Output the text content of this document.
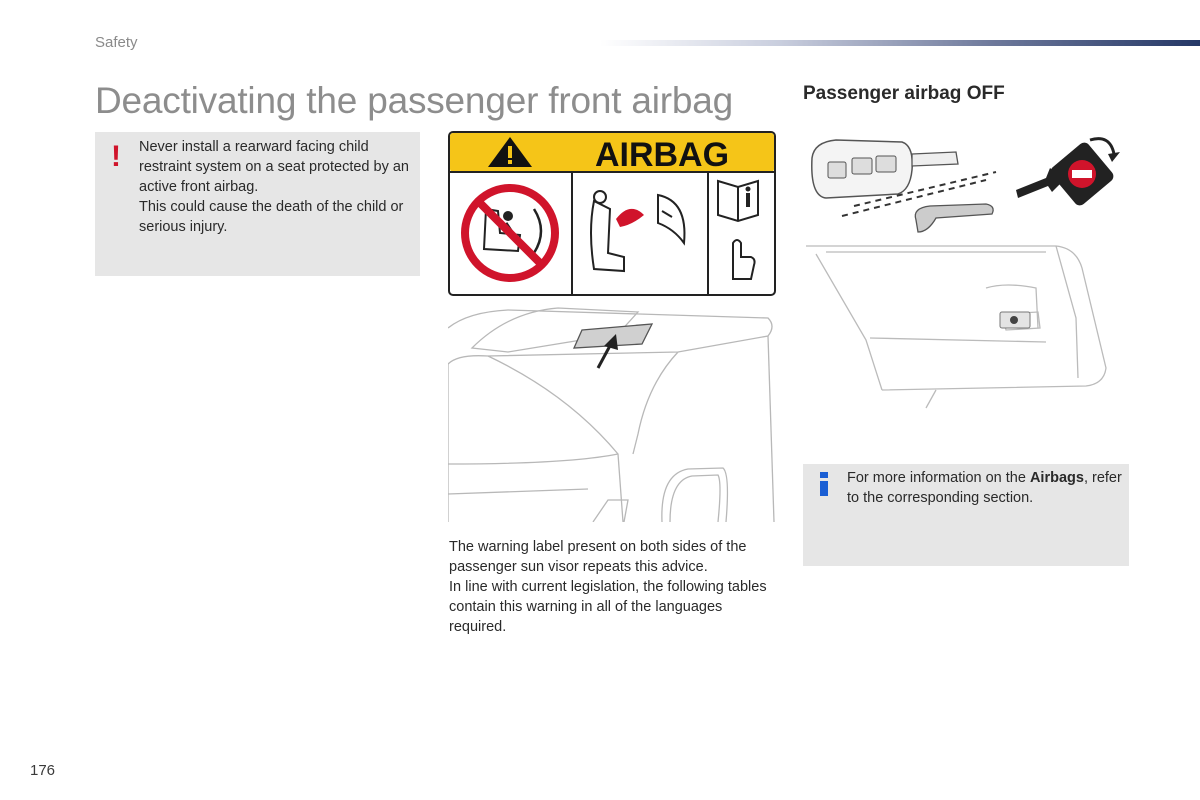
Safety
Deactivating the passenger front airbag
! Never install a rearward facing child restraint system on a seat protected by an active front airbag.
This could cause the death of the child or serious injury.
AIRBAG
The warning label present on both sides of the passenger sun visor repeats this advice.
In line with current legislation, the following tables contain this warning in all of the languages required.
Passenger airbag OFF
For more information on the Airbags, refer to the corresponding section.
176
